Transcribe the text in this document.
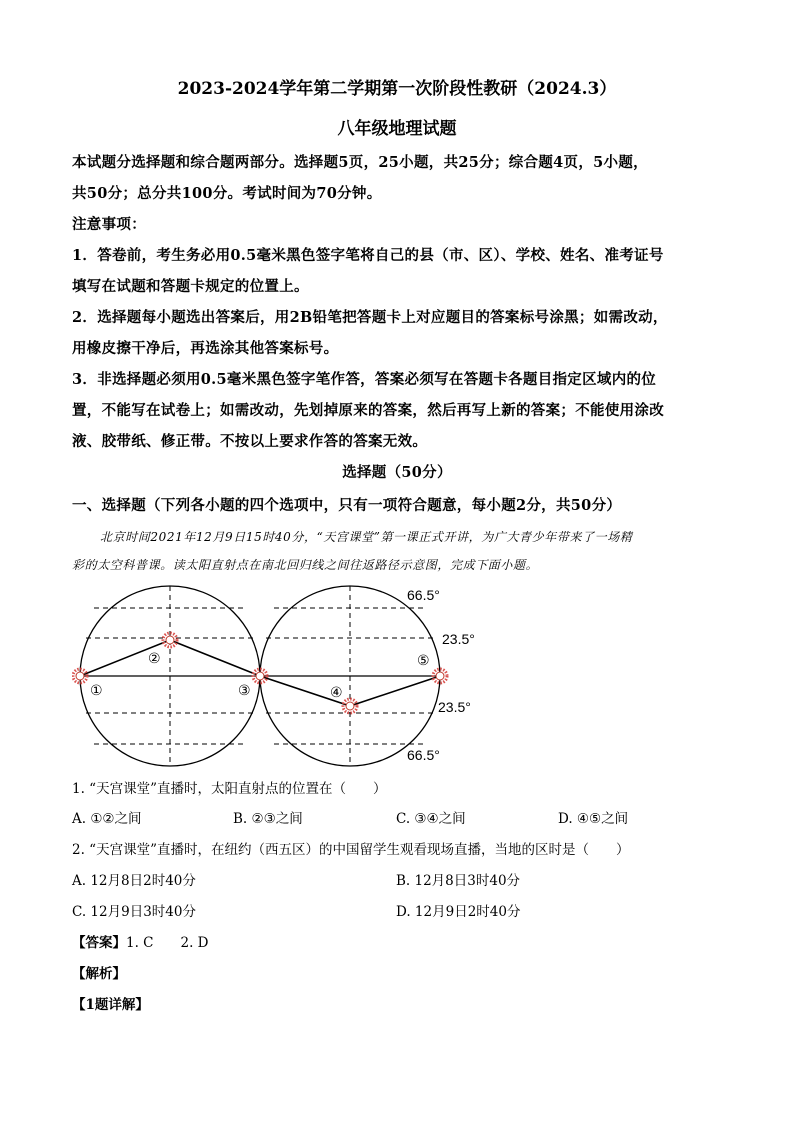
2023-2024学年第二学期第一次阶段性教研（2024.3）
八年级地理试题
本试题分选择题和综合题两部分。选择题5页，25小题，共25分；综合题4页，5小题，
共50分；总分共100分。考试时间为70分钟。
注意事项：
1．答卷前，考生务必用0.5毫米黑色签字笔将自己的县（市、区）、学校、姓名、准考证号
填写在试题和答题卡规定的位置上。
2．选择题每小题选出答案后，用2B铅笔把答题卡上对应题目的答案标号涂黑；如需改动，
用橡皮擦干净后，再选涂其他答案标号。
3．非选择题必须用0.5毫米黑色签字笔作答，答案必须写在答题卡各题目指定区域内的位
置，不能写在试卷上；如需改动，先划掉原来的答案，然后再写上新的答案；不能使用涂改
液、胶带纸、修正带。不按以上要求作答的答案无效。
选择题（50分）
一、选择题（下列各小题的四个选项中，只有一项符合题意，每小题2分，共50分）
北京时间2021年12月9日15时40分，“天宫课堂”第一课正式开讲，为广大青少年带来了一场精
彩的太空科普课。读太阳直射点在南北回归线之间往返路径示意图，完成下面小题。
66.5°
23.5°
23.5°
66.5°
①
②
③	④
⑤
1. “天宫课堂”直播时，太阳直射点的位置在（　　）
A. ①②之间	B. ②③之间	C. ③④之间	D. ④⑤之间
2. “天宫课堂”直播时，在纽约（西五区）的中国留学生观看现场直播，当地的区时是（　　）
A. 12月8日2时40分	B. 12月8日3时40分
C. 12月9日3时40分	D. 12月9日2时40分
【答案】1. C　　2. D
【解析】
【1题详解】
